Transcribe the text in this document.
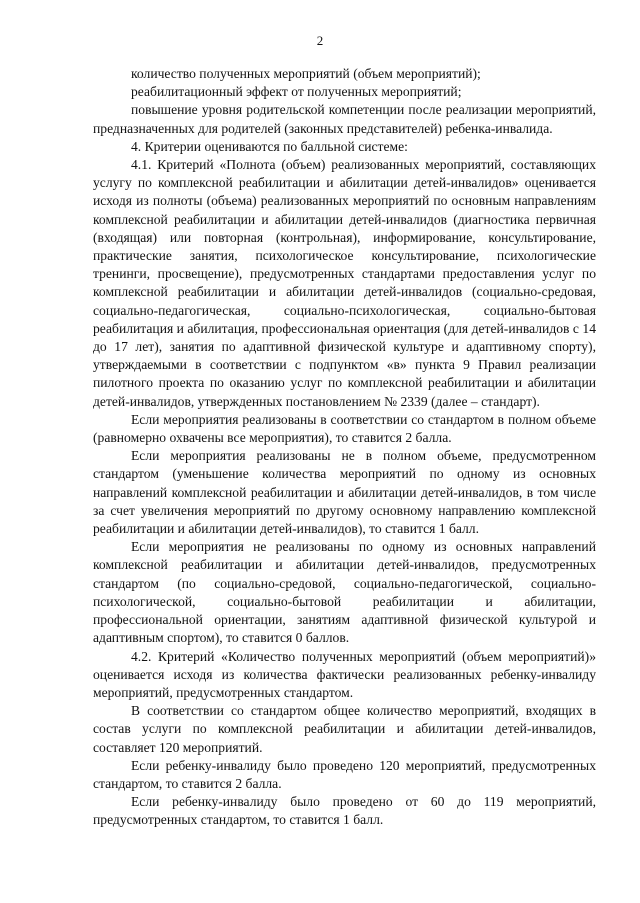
2

количество полученных мероприятий (объем мероприятий);

реабилитационный эффект от полученных мероприятий;

повышение уровня родительской компетенции после реализации мероприятий, предназначенных для родителей (законных представителей) ребенка-инвалида.

4. Критерии оцениваются по балльной системе:

4.1. Критерий «Полнота (объем) реализованных мероприятий, составляющих услугу по комплексной реабилитации и абилитации детей-инвалидов» оценивается исходя из полноты (объема) реализованных мероприятий по основным направлениям комплексной реабилитации и абилитации детей-инвалидов (диагностика первичная (входящая) или повторная (контрольная), информирование, консультирование, практические занятия, психологическое консультирование, психологические тренинги, просвещение), предусмотренных стандартами предоставления услуг по комплексной реабилитации и абилитации детей-инвалидов (социально-средовая, социально-педагогическая, социально-психологическая, социально-бытовая реабилитация и абилитация, профессиональная ориентация (для детей-инвалидов с 14 до 17 лет), занятия по адаптивной физической культуре и адаптивному спорту), утверждаемыми в соответствии с подпунктом «в» пункта 9 Правил реализации пилотного проекта по оказанию услуг по комплексной реабилитации и абилитации детей-инвалидов, утвержденных постановлением № 2339 (далее – стандарт).

Если мероприятия реализованы в соответствии со стандартом в полном объеме (равномерно охвачены все мероприятия), то ставится 2 балла.

Если мероприятия реализованы не в полном объеме, предусмотренном стандартом (уменьшение количества мероприятий по одному из основных направлений комплексной реабилитации и абилитации детей-инвалидов, в том числе за счет увеличения мероприятий по другому основному направлению комплексной реабилитации и абилитации детей-инвалидов), то ставится 1 балл.

Если мероприятия не реализованы по одному из основных направлений комплексной реабилитации и абилитации детей-инвалидов, предусмотренных стандартом (по социально-средовой, социально-педагогической, социально-психологической, социально-бытовой реабилитации и абилитации, профессиональной ориентации, занятиям адаптивной физической культурой и адаптивным спортом), то ставится 0 баллов.

4.2. Критерий «Количество полученных мероприятий (объем мероприятий)» оценивается исходя из количества фактически реализованных ребенку-инвалиду мероприятий, предусмотренных стандартом.

В соответствии со стандартом общее количество мероприятий, входящих в состав услуги по комплексной реабилитации и абилитации детей-инвалидов, составляет 120 мероприятий.

Если ребенку-инвалиду было проведено 120 мероприятий, предусмотренных стандартом, то ставится 2 балла.

Если ребенку-инвалиду было проведено от 60 до 119 мероприятий, предусмотренных стандартом, то ставится 1 балл.
